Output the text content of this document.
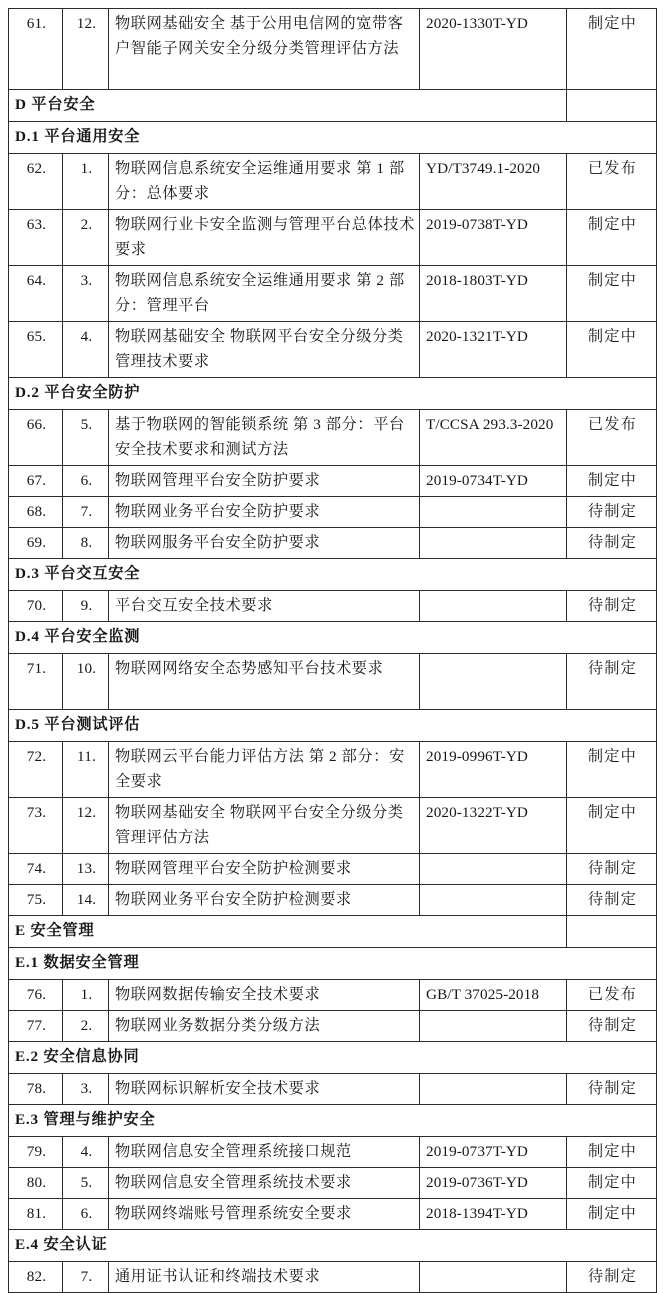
61.	12.	物联网基础安全 基于公用电信网的宽带客户智能子网关安全分级分类管理评估方法	2020-1330T-YD	制定中
D 平台安全				
D.1 平台通用安全				
62.	1.	物联网信息系统安全运维通用要求 第 1 部分：总体要求	YD/T3749.1-2020	已发布
63.	2.	物联网行业卡安全监测与管理平台总体技术要求	2019-0738T-YD	制定中
64.	3.	物联网信息系统安全运维通用要求 第 2 部分：管理平台	2018-1803T-YD	制定中
65.	4.	物联网基础安全 物联网平台安全分级分类管理技术要求	2020-1321T-YD	制定中
D.2 平台安全防护				
66.	5.	基于物联网的智能锁系统 第 3 部分：平台安全技术要求和测试方法	T/CCSA 293.3-2020	已发布
67.	6.	物联网管理平台安全防护要求	2019-0734T-YD	制定中
68.	7.	物联网业务平台安全防护要求		待制定
69.	8.	物联网服务平台安全防护要求		待制定
D.3 平台交互安全				
70.	9.	平台交互安全技术要求		待制定
D.4 平台安全监测				
71.	10.	物联网网络安全态势感知平台技术要求		待制定
D.5 平台测试评估				
72.	11.	物联网云平台能力评估方法 第 2 部分：安全要求	2019-0996T-YD	制定中
73.	12.	物联网基础安全 物联网平台安全分级分类管理评估方法	2020-1322T-YD	制定中
74.	13.	物联网管理平台安全防护检测要求		待制定
75.	14.	物联网业务平台安全防护检测要求		待制定
E 安全管理				
E.1 数据安全管理				
76.	1.	物联网数据传输安全技术要求	GB/T 37025-2018	已发布
77.	2.	物联网业务数据分类分级方法		待制定
E.2 安全信息协同				
78.	3.	物联网标识解析安全技术要求		待制定
E.3 管理与维护安全				
79.	4.	物联网信息安全管理系统接口规范	2019-0737T-YD	制定中
80.	5.	物联网信息安全管理系统技术要求	2019-0736T-YD	制定中
81.	6.	物联网终端账号管理系统安全要求	2018-1394T-YD	制定中
E.4 安全认证				
82.	7.	通用证书认证和终端技术要求		待制定
